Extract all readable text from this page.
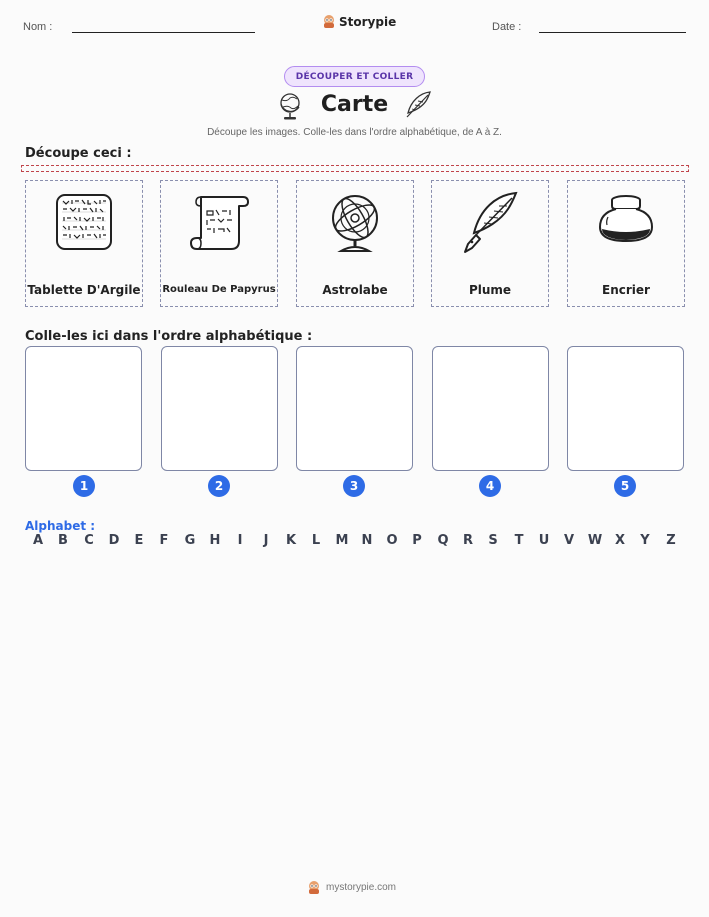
Nom :	Storypie	Date :
DÉCOUPER ET COLLER
Carte
Découpe les images. Colle-les dans l'ordre alphabétique, de A à Z.
Découpe ceci :
Tablette D'Argile Rouleau De Papyrus	Astrolabe	Plume	Encrier
Colle-les ici dans l'ordre alphabétique :
1	2	3	4	5
Alphabet :
A	B	C	D	E	F	G	H	I	J	K	L	M	N	O	P	Q	R	S	T	U	V	W X	Y	Z
mystorypie.com
